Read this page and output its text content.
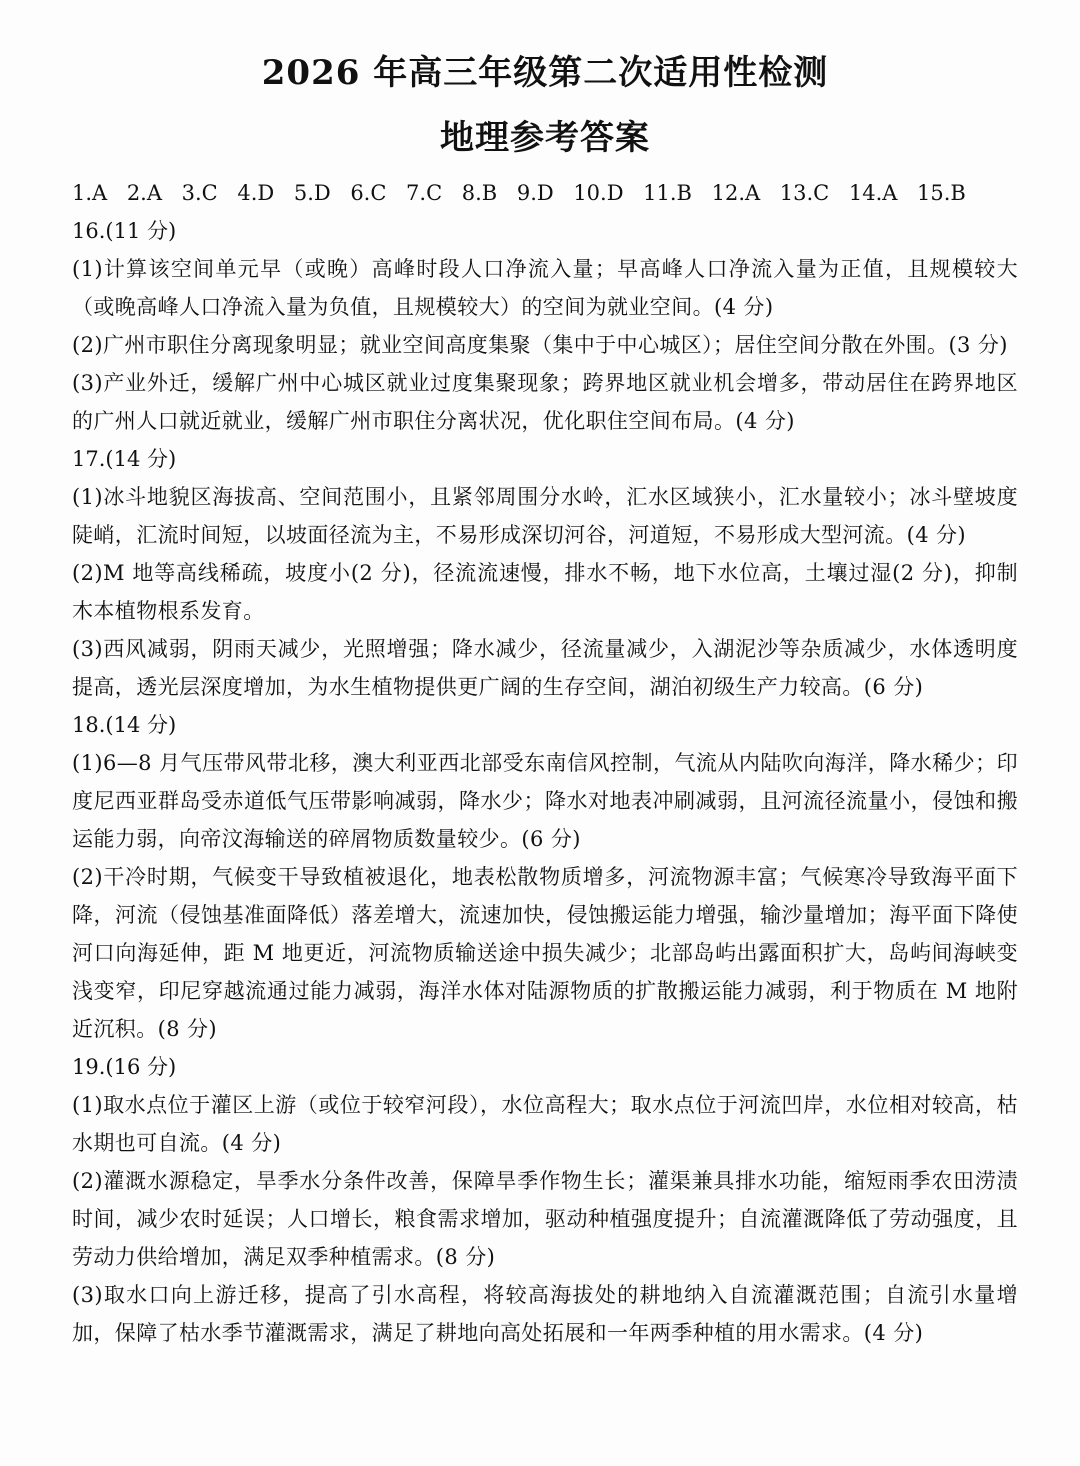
2026 年高三年级第二次适用性检测
地理参考答案
1.A 2.A 3.C 4.D 5.D 6.C 7.C 8.B 9.D 10.D 11.B 12.A 13.C 14.A 15.B
16.(11 分)
(1)计算该空间单元早（或晚）高峰时段人口净流入量；早高峰人口净流入量为正值，且规模较大（或晚高峰人口净流入量为负值，且规模较大）的空间为就业空间。(4 分)
(2)广州市职住分离现象明显；就业空间高度集聚（集中于中心城区）；居住空间分散在外围。(3 分)
(3)产业外迁，缓解广州中心城区就业过度集聚现象；跨界地区就业机会增多，带动居住在跨界地区的广州人口就近就业，缓解广州市职住分离状况，优化职住空间布局。(4 分)
17.(14 分)
(1)冰斗地貌区海拔高、空间范围小，且紧邻周围分水岭，汇水区域狭小，汇水量较小；冰斗壁坡度陡峭，汇流时间短，以坡面径流为主，不易形成深切河谷，河道短，不易形成大型河流。(4 分)
(2)M 地等高线稀疏，坡度小(2 分)，径流流速慢，排水不畅，地下水位高，土壤过湿(2 分)，抑制木本植物根系发育。
(3)西风减弱，阴雨天减少，光照增强；降水减少，径流量减少，入湖泥沙等杂质减少，水体透明度提高，透光层深度增加，为水生植物提供更广阔的生存空间，湖泊初级生产力较高。(6 分)
18.(14 分)
(1)6—8 月气压带风带北移，澳大利亚西北部受东南信风控制，气流从内陆吹向海洋，降水稀少；印度尼西亚群岛受赤道低气压带影响减弱，降水少；降水对地表冲刷减弱，且河流径流量小，侵蚀和搬运能力弱，向帝汶海输送的碎屑物质数量较少。(6 分)
(2)干冷时期，气候变干导致植被退化，地表松散物质增多，河流物源丰富；气候寒冷导致海平面下降，河流（侵蚀基准面降低）落差增大，流速加快，侵蚀搬运能力增强，输沙量增加；海平面下降使河口向海延伸，距 M 地更近，河流物质输送途中损失减少；北部岛屿出露面积扩大，岛屿间海峡变浅变窄，印尼穿越流通过能力减弱，海洋水体对陆源物质的扩散搬运能力减弱，利于物质在 M 地附近沉积。(8 分)
19.(16 分)
(1)取水点位于灌区上游（或位于较窄河段），水位高程大；取水点位于河流凹岸，水位相对较高，枯水期也可自流。(4 分)
(2)灌溉水源稳定，旱季水分条件改善，保障旱季作物生长；灌渠兼具排水功能，缩短雨季农田涝渍时间，减少农时延误；人口增长，粮食需求增加，驱动种植强度提升；自流灌溉降低了劳动强度，且劳动力供给增加，满足双季种植需求。(8 分)
(3)取水口向上游迁移，提高了引水高程，将较高海拔处的耕地纳入自流灌溉范围；自流引水量增加，保障了枯水季节灌溉需求，满足了耕地向高处拓展和一年两季种植的用水需求。(4 分)
